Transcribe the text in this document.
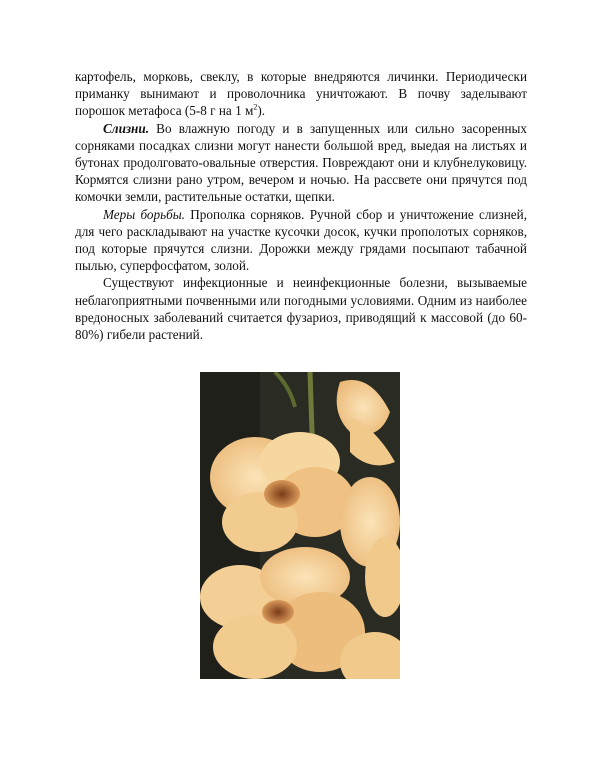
картофель, морковь, свеклу, в которые внедряются личинки. Периодически приманку вынимают и проволочника уничтожают. В почву заделывают порошок метафоса (5-8 г на 1 $м^2$).

Слизни. Во влажную погоду и в запущенных или сильно засоренных сорняками посадках слизни могут нанести большой вред, выедая на листьях и бутонах продолговато-овальные отверстия. Повреждают они и клубнелуковицу. Кормятся слизни рано утром, вечером и ночью. На рассвете они прячутся под комочки земли, растительные остатки, щепки.

Меры борьбы. Прополка сорняков. Ручной сбор и уничтожение слизней, для чего раскладывают на участке кусочки досок, кучки прополотых сорняков, под которые прячутся слизни. Дорожки между грядами посыпают табачной пылью, суперфосфатом, золой.

Существуют инфекционные и неинфекционные болезни, вызываемые неблагоприятными почвенными или погодными условиями. Одним из наиболее вредоносных заболеваний считается фузариоз, приводящий к массовой (до 60-80%) гибели растений.
